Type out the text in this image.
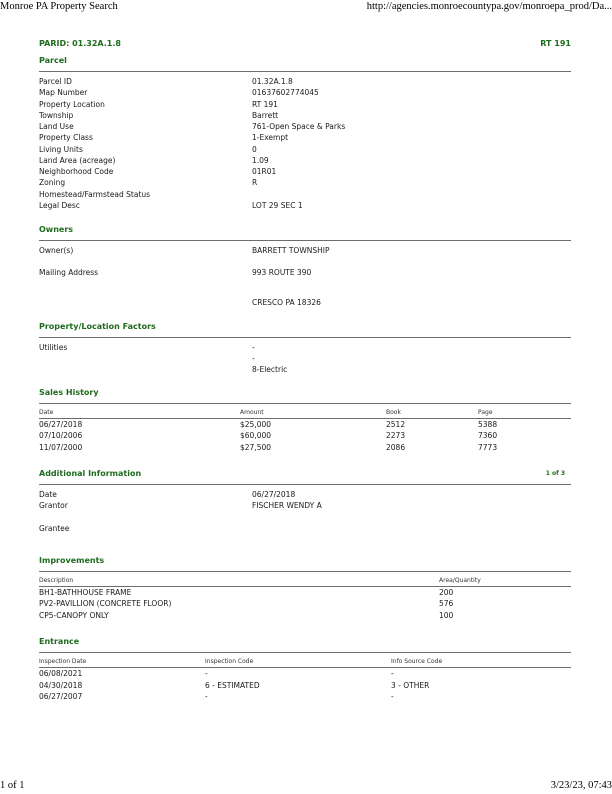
Monroe PA Property Search	http://agencies.monroecountypa.gov/monroepa_prod/Da...
PARID: 01.32A.1.8	RT 191
Parcel
Parcel ID	01.32A.1.8
Map Number	01637602774045
Property Location	RT 191
Township	Barrett
Land Use	761-Open Space & Parks
Property Class	1-Exempt
Living Units	0
Land Area (acreage)	1.09
Neighborhood Code	01R01
Zoning	R
Homestead/Farmstead Status
Legal Desc	LOT 29 SEC 1
Owners
Owner(s)	BARRETT TOWNSHIP
Mailing Address	993 ROUTE 390
CRESCO PA 18326
Property/Location Factors
Utilities	-
-
8-Electric
Sales History
Date	Amount	Book	Page
06/27/2018	$25,000	2512	5388
07/10/2006	$60,000	2273	7360
11/07/2000	$27,500	2086	7773
Additional Information	1 of 3
Date	06/27/2018
Grantor	FISCHER WENDY A
Grantee
Improvements
Description	Area/Quantity
BH1-BATHHOUSE FRAME	200
PV2-PAVILLION (CONCRETE FLOOR)	576
CP5-CANOPY ONLY	100
Entrance
Inspection Date	Inspection Code	Info Source Code
06/08/2021	-	-
04/30/2018	6 - ESTIMATED	3 - OTHER
06/27/2007	-	-
1 of 1	3/23/23, 07:43
